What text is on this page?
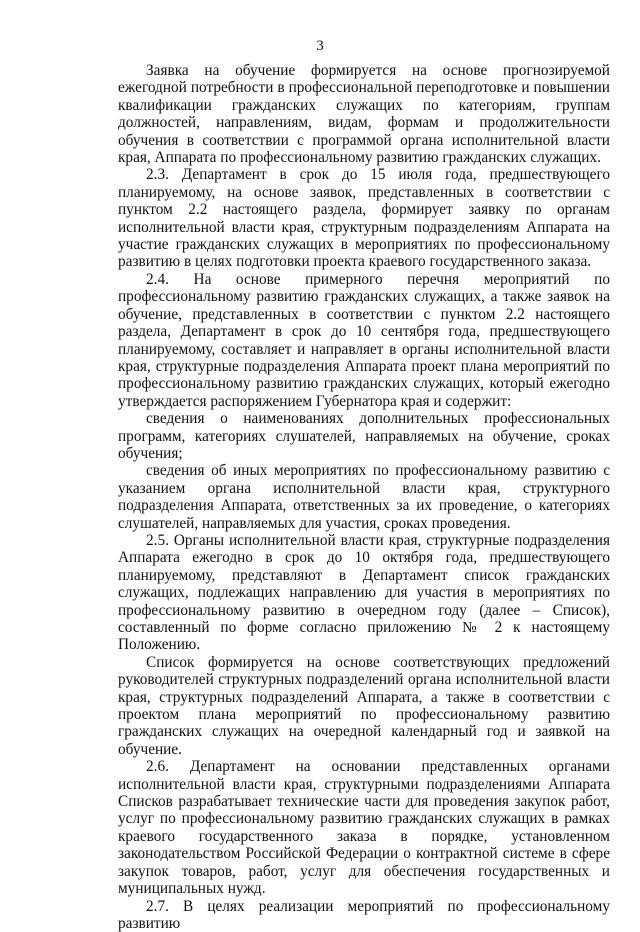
3

Заявка на обучение формируется на основе прогнозируемой ежегодной потребности в профессиональной переподготовке и повышении квалификации гражданских служащих по категориям, группам должностей, направлениям, видам, формам и продолжительности обучения в соответствии с программой органа исполнительной власти края, Аппарата по профессиональному развитию гражданских служащих.

2.3. Департамент в срок до 15 июля года, предшествующего планируемому, на основе заявок, представленных в соответствии с пунктом 2.2 настоящего раздела, формирует заявку по органам исполнительной власти края, структурным подразделениям Аппарата на участие гражданских служащих в мероприятиях по профессиональному развитию в целях подготовки проекта краевого государственного заказа.

2.4. На основе примерного перечня мероприятий по профессиональному развитию гражданских служащих, а также заявок на обучение, представленных в соответствии с пунктом 2.2 настоящего раздела, Департамент в срок до 10 сентября года, предшествующего планируемому, составляет и направляет в органы исполнительной власти края, структурные подразделения Аппарата проект плана мероприятий по профессиональному развитию гражданских служащих, который ежегодно утверждается распоряжением Губернатора края и содержит:

сведения о наименованиях дополнительных профессиональных программ, категориях слушателей, направляемых на обучение, сроках обучения;

сведения об иных мероприятиях по профессиональному развитию с указанием органа исполнительной власти края, структурного подразделения Аппарата, ответственных за их проведение, о категориях слушателей, направляемых для участия, сроках проведения.

2.5. Органы исполнительной власти края, структурные подразделения Аппарата ежегодно в срок до 10 октября года, предшествующего планируемому, представляют в Департамент список гражданских служащих, подлежащих направлению для участия в мероприятиях по профессиональному развитию в очередном году (далее – Список), составленный по форме согласно приложению № 2 к настоящему Положению.

Список формируется на основе соответствующих предложений руководителей структурных подразделений органа исполнительной власти края, структурных подразделений Аппарата, а также в соответствии с проектом плана мероприятий по профессиональному развитию гражданских служащих на очередной календарный год и заявкой на обучение.

2.6. Департамент на основании представленных органами исполнительной власти края, структурными подразделениями Аппарата Списков разрабатывает технические части для проведения закупок работ, услуг по профессиональному развитию гражданских служащих в рамках краевого государственного заказа в порядке, установленном законодательством Российской Федерации о контрактной системе в сфере закупок товаров, работ, услуг для обеспечения государственных и муниципальных нужд.

2.7. В целях реализации мероприятий по профессиональному развитию
